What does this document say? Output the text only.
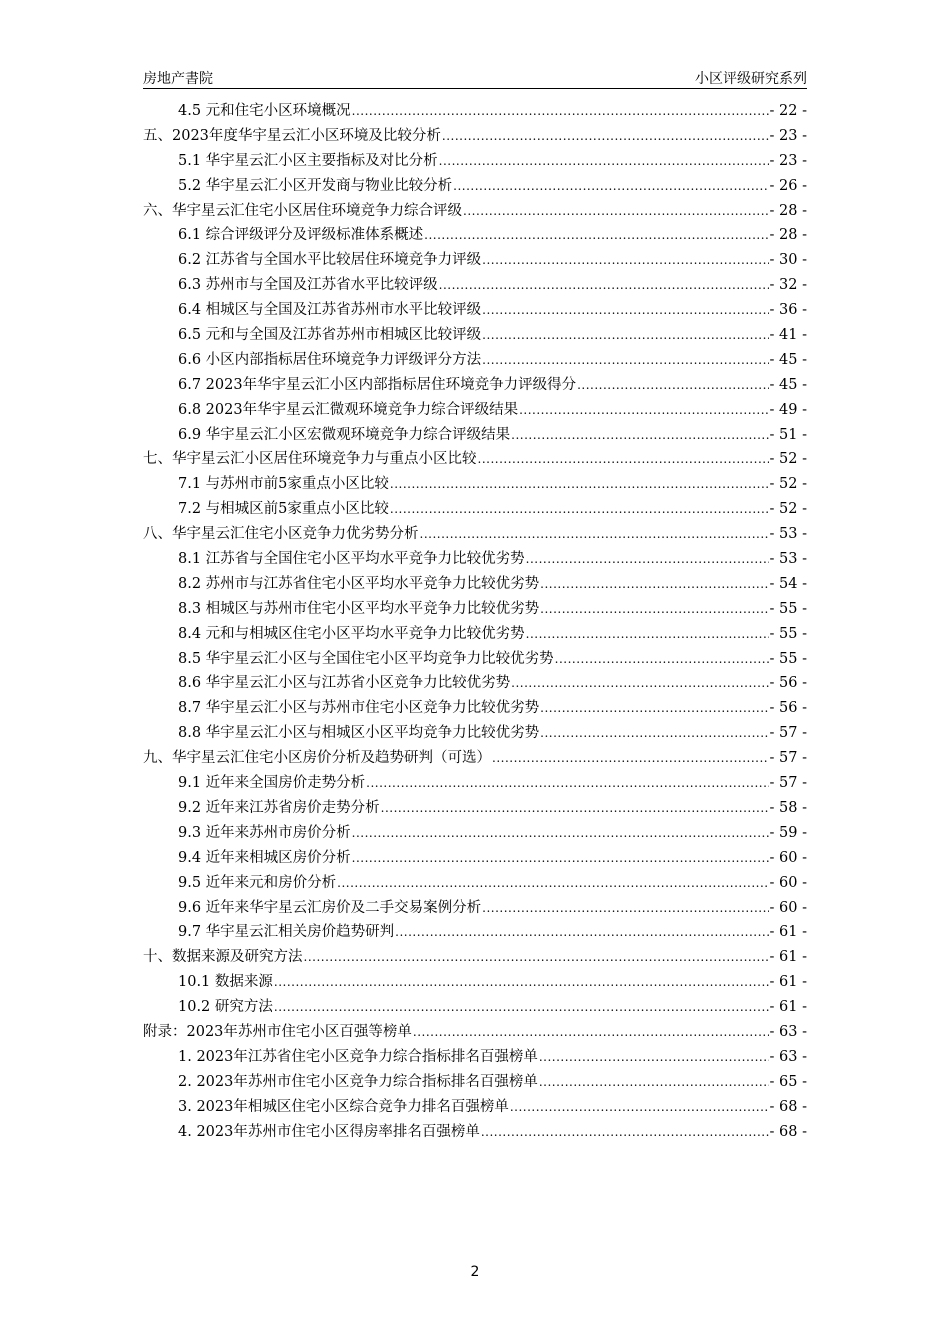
房地产書院	小区评级研究系列
4.5 元和住宅小区环境概况 .....	- 22 -
五、2023年度华宇星云汇小区环境及比较分析 .....	- 23 -
5.1 华宇星云汇小区主要指标及对比分析 .....	- 23 -
5.2 华宇星云汇小区开发商与物业比较分析 .....	- 26 -
六、华宇星云汇住宅小区居住环境竞争力综合评级 .....	- 28 -
6.1 综合评级评分及评级标准体系概述 .....	- 28 -
6.2 江苏省与全国水平比较居住环境竞争力评级 .....	- 30 -
6.3 苏州市与全国及江苏省水平比较评级 .....	- 32 -
6.4 相城区与全国及江苏省苏州市水平比较评级 .....	- 36 -
6.5 元和与全国及江苏省苏州市相城区比较评级 .....	- 41 -
6.6 小区内部指标居住环境竞争力评级评分方法 .....	- 45 -
6.7 2023年华宇星云汇小区内部指标居住环境竞争力评级得分 .....	- 45 -
6.8 2023年华宇星云汇微观环境竞争力综合评级结果 .....	- 49 -
6.9 华宇星云汇小区宏微观环境竞争力综合评级结果 .....	- 51 -
七、华宇星云汇小区居住环境竞争力与重点小区比较 .....	- 52 -
7.1 与苏州市前5家重点小区比较 .....	- 52 -
7.2 与相城区前5家重点小区比较 .....	- 52 -
八、华宇星云汇住宅小区竞争力优劣势分析 .....	- 53 -
8.1 江苏省与全国住宅小区平均水平竞争力比较优劣势 .....	- 53 -
8.2 苏州市与江苏省住宅小区平均水平竞争力比较优劣势 .....	- 54 -
8.3 相城区与苏州市住宅小区平均水平竞争力比较优劣势 .....	- 55 -
8.4 元和与相城区住宅小区平均水平竞争力比较优劣势 .....	- 55 -
8.5 华宇星云汇小区与全国住宅小区平均竞争力比较优劣势 .....	- 55 -
8.6 华宇星云汇小区与江苏省小区竞争力比较优劣势 .....	- 56 -
8.7 华宇星云汇小区与苏州市住宅小区竞争力比较优劣势 .....	- 56 -
8.8 华宇星云汇小区与相城区小区平均竞争力比较优劣势 .....	- 57 -
九、华宇星云汇住宅小区房价分析及趋势研判（可选） .....	- 57 -
9.1 近年来全国房价走势分析 .....	- 57 -
9.2 近年来江苏省房价走势分析 .....	- 58 -
9.3 近年来苏州市房价分析 .....	- 59 -
9.4 近年来相城区房价分析 .....	- 60 -
9.5 近年来元和房价分析 .....	- 60 -
9.6 近年来华宇星云汇房价及二手交易案例分析 .....	- 60 -
9.7 华宇星云汇相关房价趋势研判 .....	- 61 -
十、数据来源及研究方法 .....	- 61 -
10.1 数据来源 .....	- 61 -
10.2 研究方法 .....	- 61 -
附录：2023年苏州市住宅小区百强等榜单 .....	- 63 -
1. 2023年江苏省住宅小区竞争力综合指标排名百强榜单 .....	- 63 -
2. 2023年苏州市住宅小区竞争力综合指标排名百强榜单 .....	- 65 -
3. 2023年相城区住宅小区综合竞争力排名百强榜单 .....	- 68 -
4. 2023年苏州市住宅小区得房率排名百强榜单 .....	- 68 -
2
